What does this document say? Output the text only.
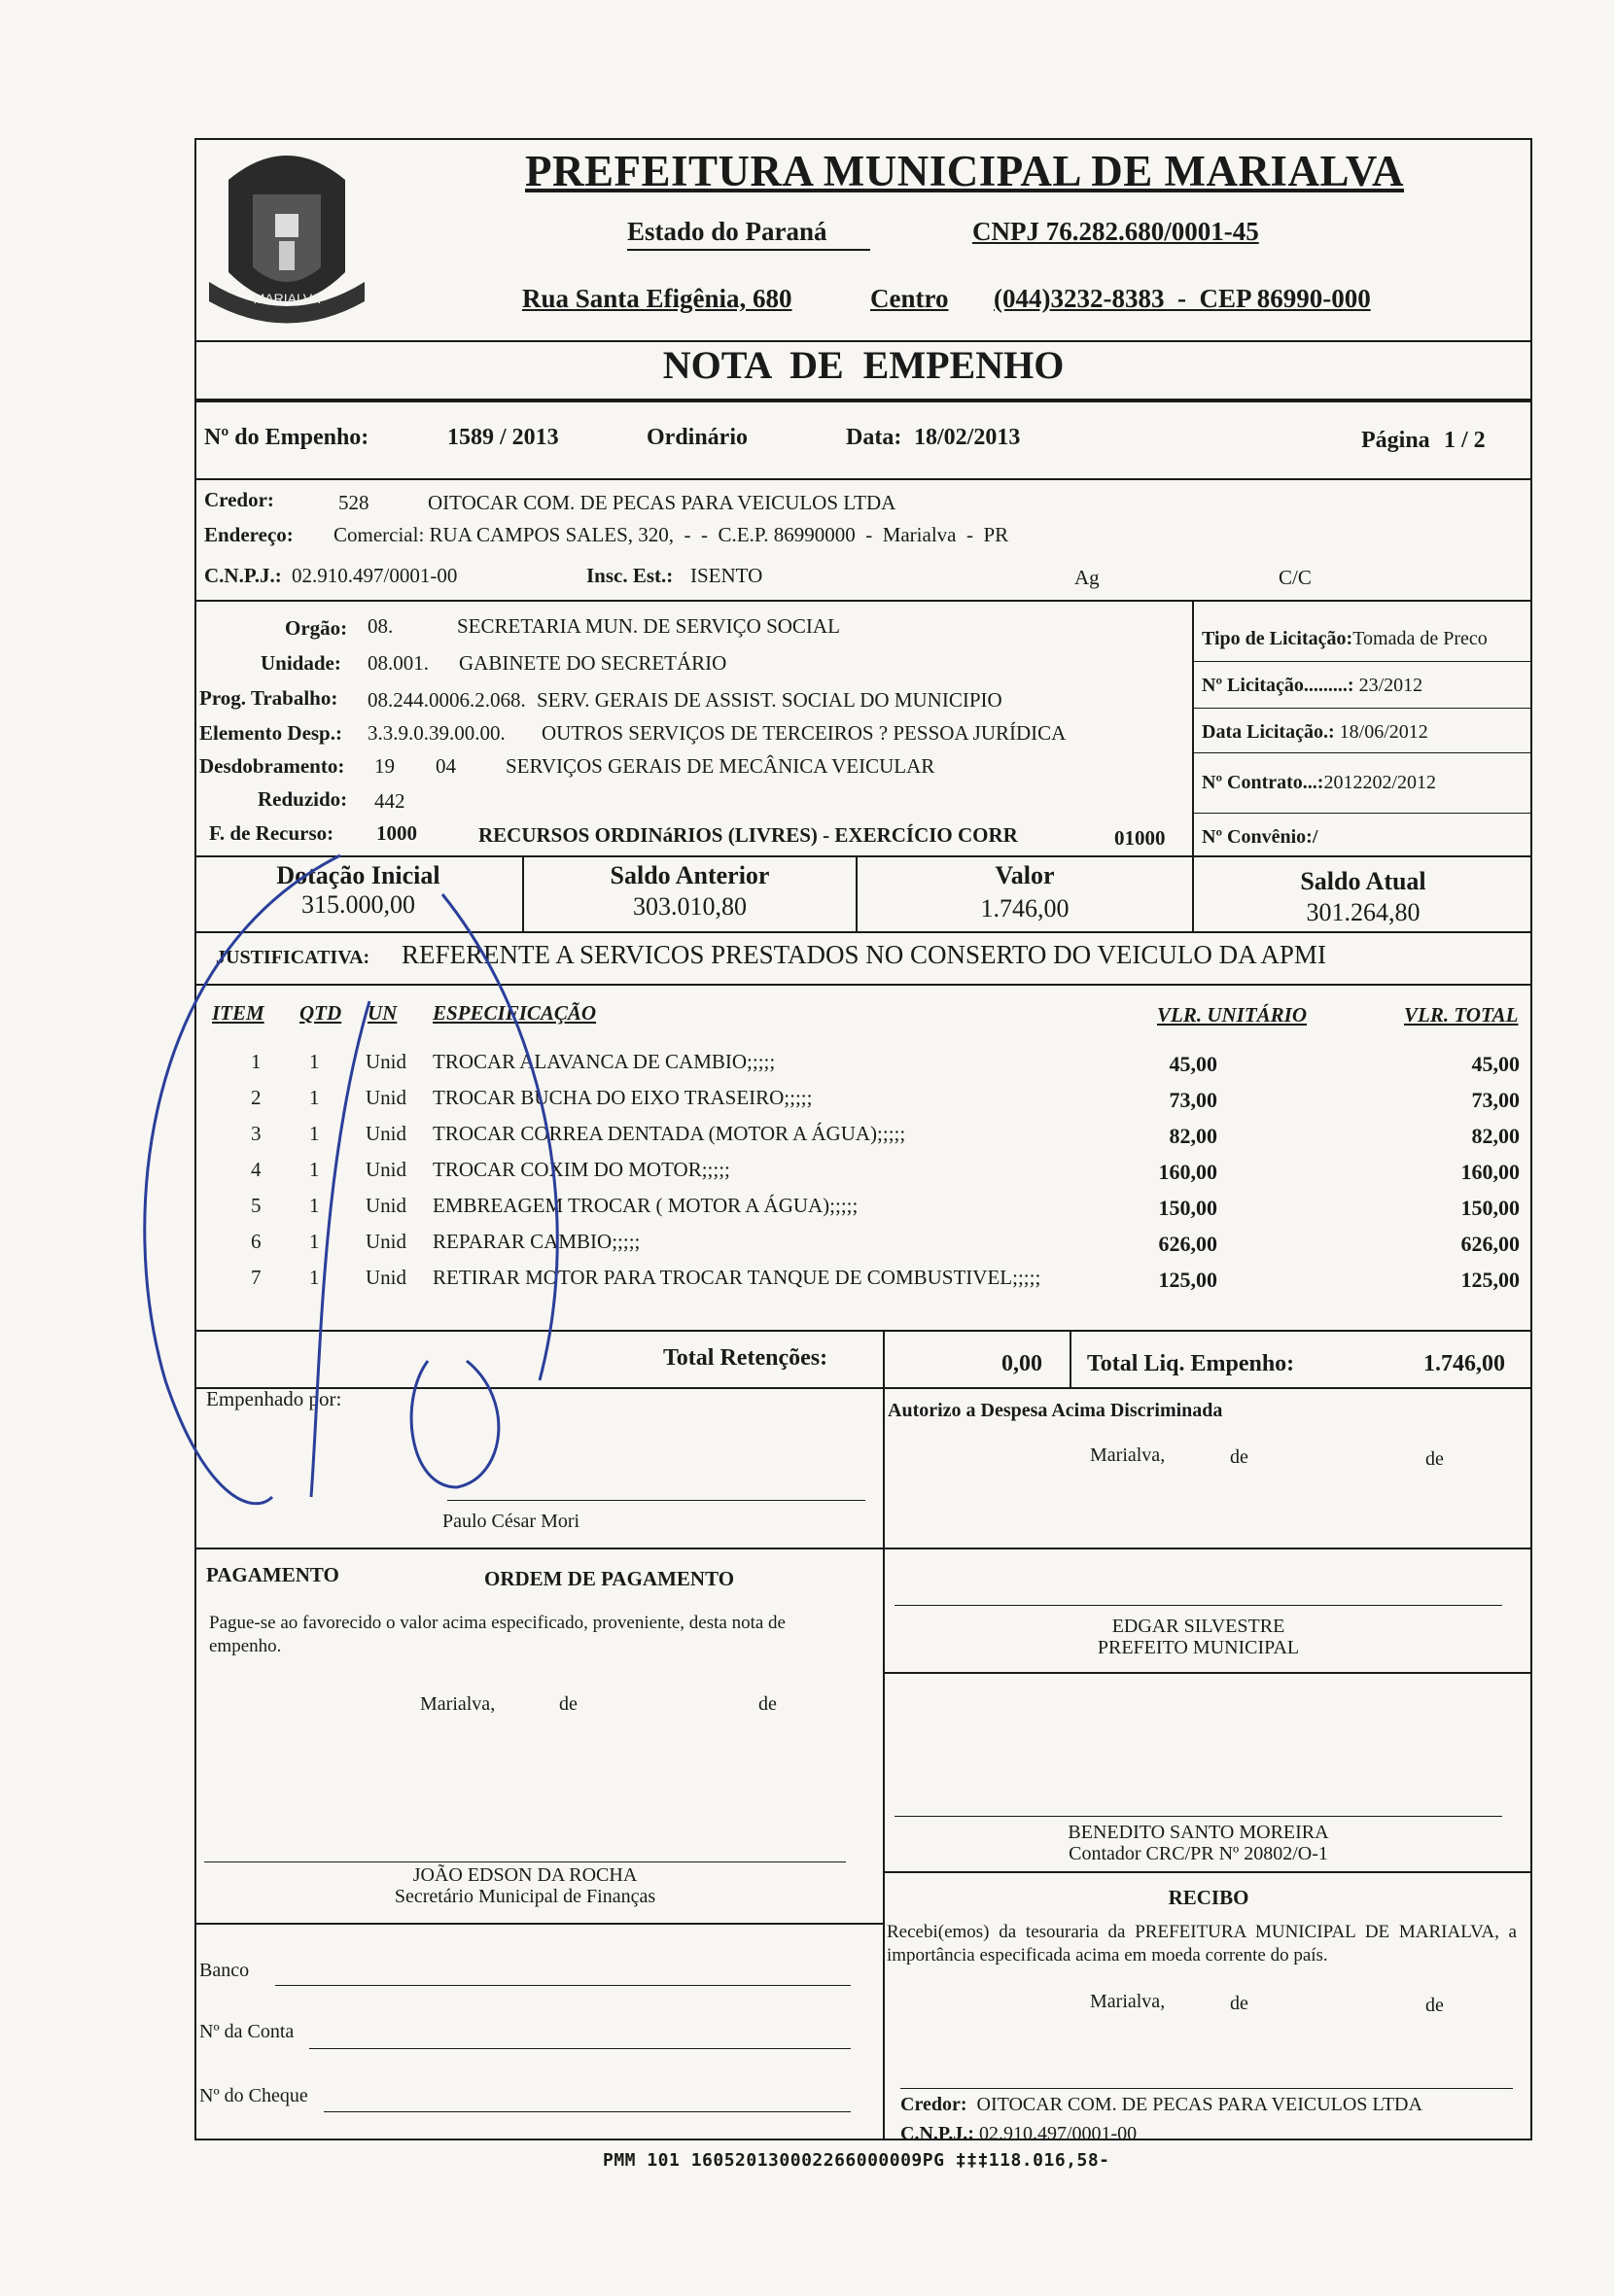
MARIALVA
PREFEITURA MUNICIPAL DE MARIALVA
Estado do Paraná	CNPJ 76.282.680/0001-45
Rua Santa Efigênia, 680	Centro (044)3232-8383  -  CEP 86990-000
NOTA  DE  EMPENHO
Nº do Empenho:	1589 / 2013	Ordinário	Data: 18/02/2013	Página 1 / 2
Credor:	528	OITOCAR COM. DE PECAS PARA VEICULOS LTDA
Endereço: Comercial: RUA CAMPOS SALES, 320,  -  -  C.E.P. 86990000  -  Marialva  -  PR
C.N.P.J.: 02.910.497/0001-00	Insc. Est.: ISENTO	Ag	C/C
Orgão: 08.	SECRETARIA MUN. DE SERVIÇO SOCIAL
Unidade: 08.001. GABINETE DO SECRETÁRIO
Prog. Trabalho: 08.244.0006.2.068. SERV. GERAIS DE ASSIST. SOCIAL DO MUNICIPIO
Elemento Desp.: 3.3.9.0.39.00.00. OUTROS SERVIÇOS DE TERCEIROS ? PESSOA JURÍDICA
Desdobramento: 19 04 SERVIÇOS GERAIS DE MECÂNICA VEICULAR
Reduzido: 442
F. de Recurso: 1000	RECURSOS ORDINáRIOS (LIVRES) - EXERCÍCIO CORR	01000
Tipo de Licitação:Tomada de Preco
Nº Licitação.........: 23/2012
Data Licitação.: 18/06/2012
Nº Contrato...:2012202/2012
Nº Convênio:/
Dotação Inicial
315.000,00
Saldo Anterior
303.010,80
Valor
1.746,00
Saldo Atual
301.264,80
JUSTIFICATIVA: REFERENTE A SERVICOS PRESTADOS NO CONSERTO DO VEICULO DA APMI
ITEM QTD UN ESPECIFICAÇÃO	VLR. UNITÁRIO	VLR. TOTAL
1 1 Unid TROCAR ALAVANCA DE CAMBIO;;;;;	45,00	45,00
2 1 Unid TROCAR BUCHA DO EIXO TRASEIRO;;;;;	73,00	73,00
3 1 Unid TROCAR CORREA DENTADA (MOTOR A ÁGUA);;;;;	82,00	82,00
4 1 Unid TROCAR COXIM DO MOTOR;;;;;	160,00	160,00
5 1 Unid EMBREAGEM TROCAR ( MOTOR A ÁGUA);;;;;	150,00	150,00
6 1 Unid REPARAR CAMBIO;;;;;	626,00	626,00
7 1 Unid RETIRAR MOTOR PARA TROCAR TANQUE DE COMBUSTIVEL;;;;;	125,00	125,00
Total Retenções:	0,00 Total Liq. Empenho:	1.746,00
Empenhado por:
Paulo César Mori
Autorizo a Despesa Acima Discriminada
Marialva,	de	de
PAGAMENTO	ORDEM DE PAGAMENTO
Pague-se ao favorecido o valor acima especificado, proveniente, desta nota de empenho.
Marialva,	de	de
EDGAR SILVESTRE
PREFEITO MUNICIPAL
BENEDITO SANTO MOREIRA
Contador CRC/PR Nº 20802/O-1
JOÃO EDSON DA ROCHA
Secretário Municipal de Finanças	RECIBO
Recebi(emos) da tesouraria da PREFEITURA MUNICIPAL DE MARIALVA, a importância especificada acima em moeda corrente do país.
Marialva,	de	de
Banco
Nº da Conta
Nº do Cheque	Credor: OITOCAR COM. DE PECAS PARA VEICULOS LTDA
C.N.P.J.: 02.910.497/0001-00
PMM 101 160520130002266000009PG ‡‡‡118.016,58-
